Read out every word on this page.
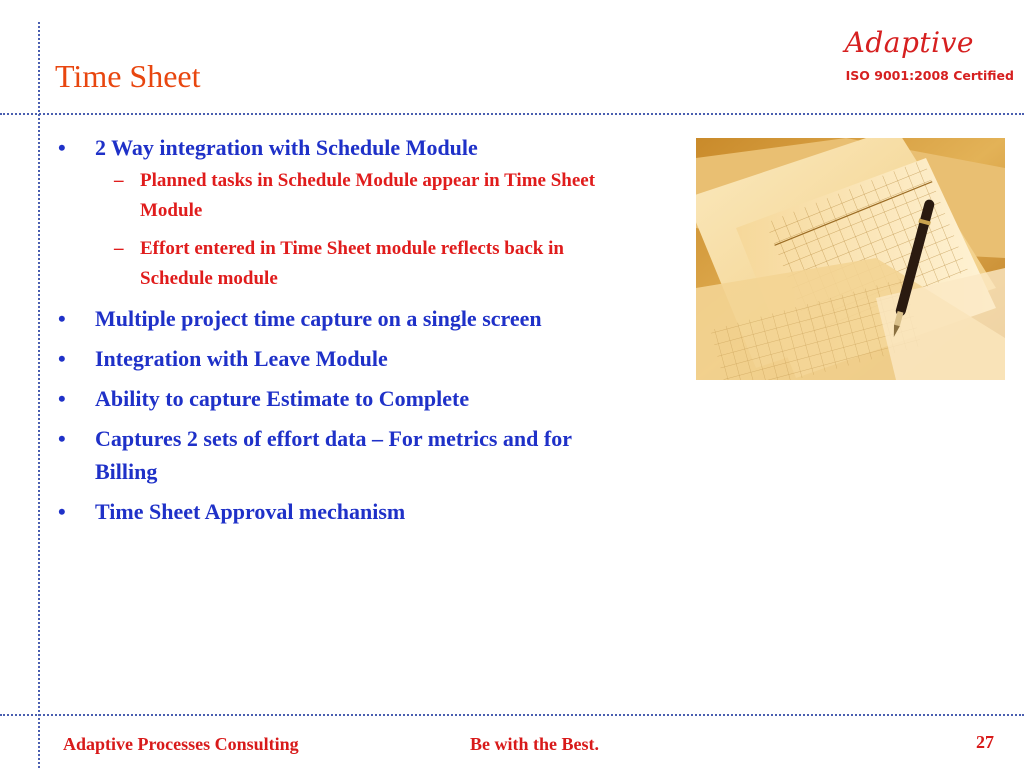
Time Sheet
Adaptive
ISO 9001:2008 Certified
• 2 Way integration with Schedule Module
– Planned tasks in Schedule Module appear in Time Sheet Module
– Effort entered in Time Sheet module reflects back in Schedule module
• Multiple project time capture on a single screen
• Integration with Leave Module
• Ability to capture Estimate to Complete
• Captures 2 sets of effort data – For metrics and for Billing
• Time Sheet Approval mechanism
Adaptive Processes Consulting	Be with the Best.	27
